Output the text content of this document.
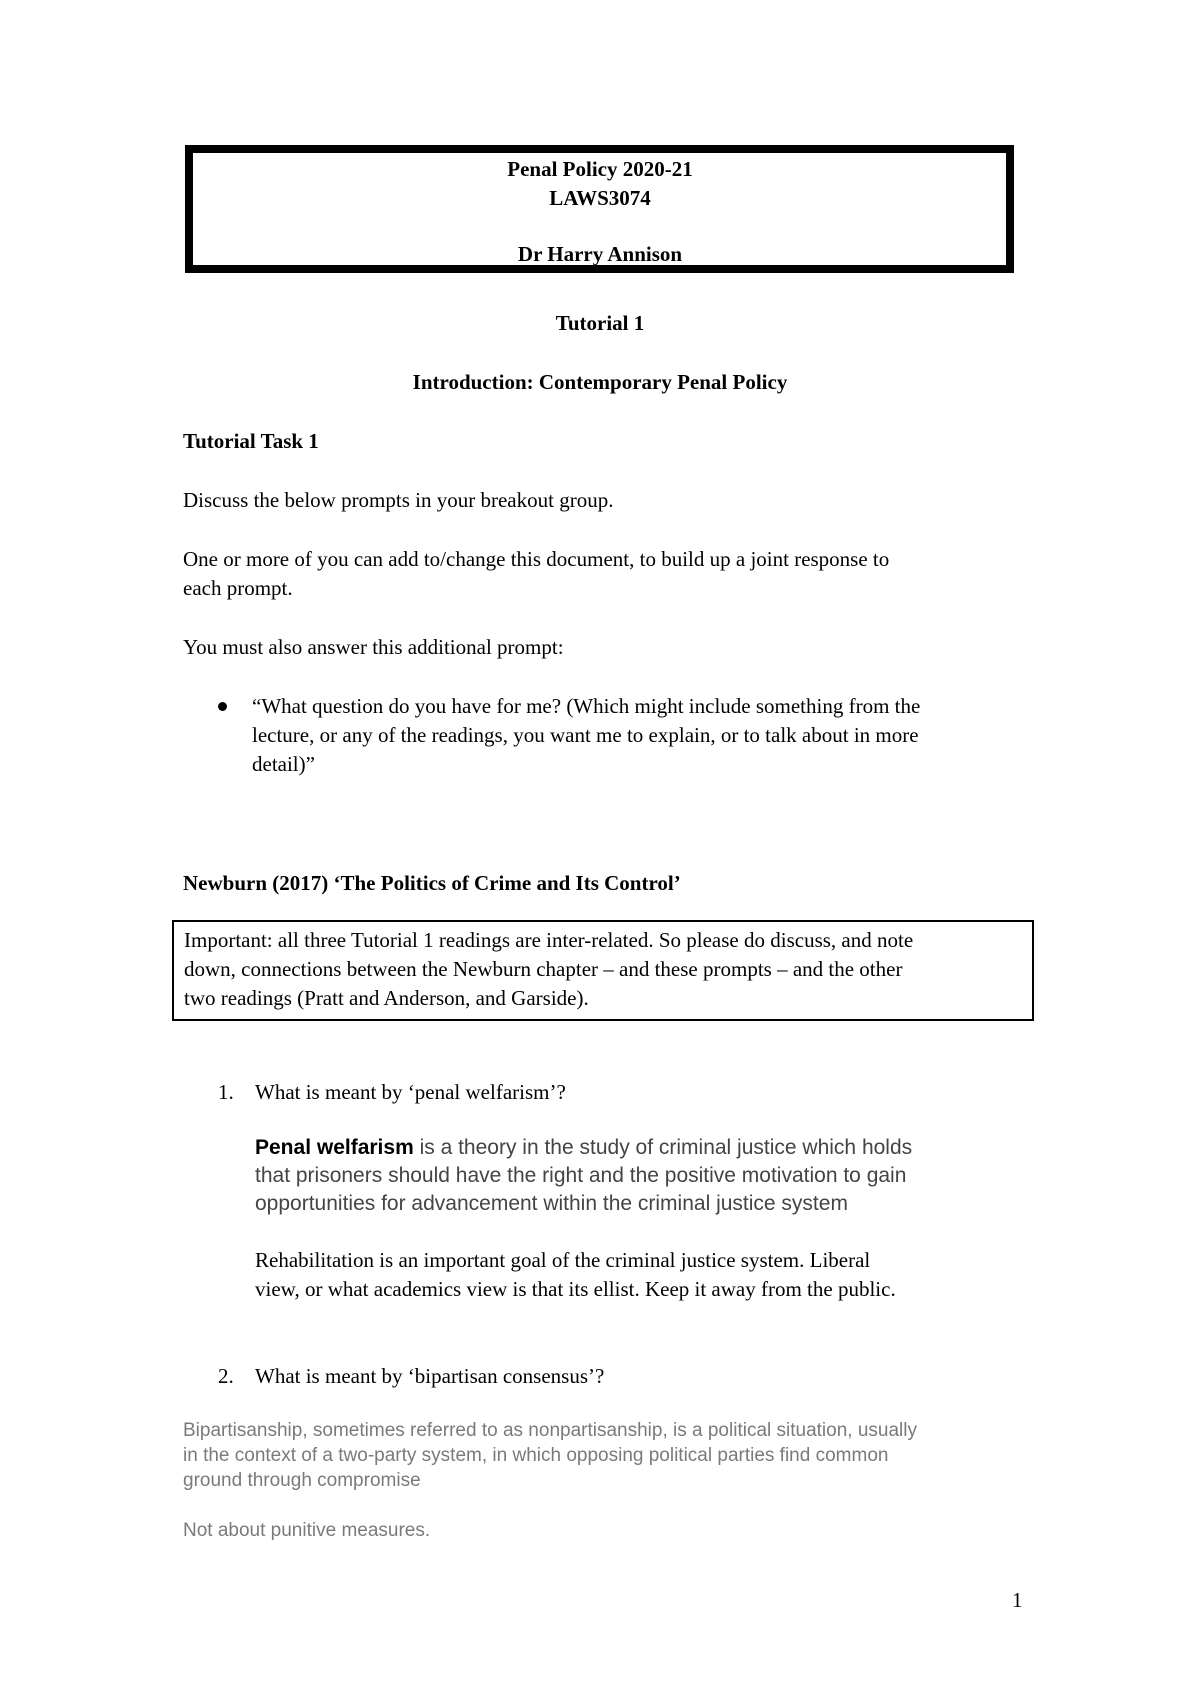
Penal Policy 2020-21
LAWS3074
Dr Harry Annison
Tutorial 1
Introduction: Contemporary Penal Policy
Tutorial Task 1
Discuss the below prompts in your breakout group.
One or more of you can add to/change this document, to build up a joint response to
each prompt.
You must also answer this additional prompt:
“What question do you have for me? (Which might include something from the
lecture, or any of the readings, you want me to explain, or to talk about in more
detail)”
Newburn (2017) ‘The Politics of Crime and Its Control’
Important: all three Tutorial 1 readings are inter-related. So please do discuss, and note
down, connections between the Newburn chapter – and these prompts – and the other
two readings (Pratt and Anderson, and Garside).
1. What is meant by ‘penal welfarism’?
Penal welfarism is a theory in the study of criminal justice which holds
that prisoners should have the right and the positive motivation to gain
opportunities for advancement within the criminal justice system
Rehabilitation is an important goal of the criminal justice system. Liberal
view, or what academics view is that its ellist. Keep it away from the public.
2. What is meant by ‘bipartisan consensus’?
Bipartisanship, sometimes referred to as nonpartisanship, is a political situation, usually
in the context of a two-party system, in which opposing political parties find common
ground through compromise
Not about punitive measures.
1
